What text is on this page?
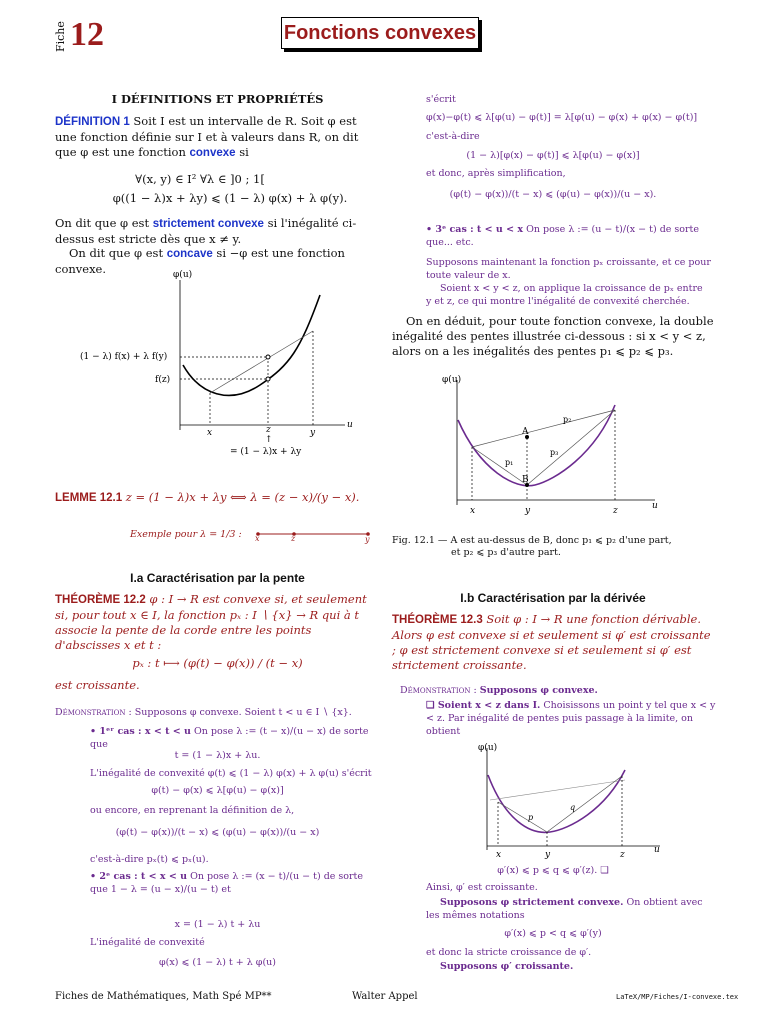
Fiche 12	Fonctions convexes
I DÉFINITIONS ET PROPRIÉTÉS
DÉFINITION 1 Soit I est un intervalle de R. Soit φ est une fonction définie sur I et à valeurs dans R, on dit que φ est une fonction convexe si
∀(x, y) ∈ I² ∀λ ∈ ]0 ; 1[
φ((1 − λ)x + λy) ⩽ (1 − λ) φ(x) + λ φ(y).
On dit que φ est strictement convexe si l'inégalité ci-dessus est stricte dès que x ≠ y.
On dit que φ est concave si −φ est une fonction convexe.	φ(u)
u
(1 − λ) f(x) + λ f(y)
f(z)
x	z	y
↑
= (1 − λ)x + λy
LEMME 12.1 z = (1 − λ)x + λy ⟺ λ = (z − x)/(y − x).
Exemple pour λ = 1/3 :	x	z	y
I.a Caractérisation par la pente
THÉORÈME 12.2 φ : I → R est convexe si, et seulement si, pour tout x ∈ I, la fonction pₓ : I ∖ {x} → R qui à t associe la pente de la corde entre les points d'abscisses x et t :
pₓ : t ⟼ (φ(t) − φ(x)) / (t − x)
est croissante.
Démonstration : Supposons φ convexe. Soient t < u ∈ I ∖ {x}.
• 1ᵉʳ cas : x < t < u On pose λ := (t − x)/(u − x) de sorte que
t = (1 − λ)x + λu.
L'inégalité de convexité φ(t) ⩽ (1 − λ) φ(x) + λ φ(u) s'écrit
φ(t) − φ(x) ⩽ λ[φ(u) − φ(x)]
ou encore, en reprenant la définition de λ,
(φ(t) − φ(x))/(t − x) ⩽ (φ(u) − φ(x))/(u − x)
c'est-à-dire pₓ(t) ⩽ pₓ(u).
• 2ᵉ cas : t < x < u On pose λ := (x − t)/(u − t) de sorte que 1 − λ = (u − x)/(u − t) et
x = (1 − λ) t + λu
L'inégalité de convexité
φ(x) ⩽ (1 − λ) t + λ φ(u)
s'écrit
φ(x)−φ(t) ⩽ λ[φ(u) − φ(t)] = λ[φ(u) − φ(x) + φ(x) − φ(t)]
c'est-à-dire
(1 − λ)[φ(x) − φ(t)] ⩽ λ[φ(u) − φ(x)]
et donc, après simplification,
(φ(t) − φ(x))/(t − x) ⩽ (φ(u) − φ(x))/(u − x).
• 3ᵉ cas : t < u < x On pose λ := (u − t)/(x − t) de sorte que... etc.
Supposons maintenant la fonction pₓ croissante, et ce pour toute valeur de x.
Soient x < y < z, on applique la croissance de pₓ entre y et z, ce qui montre l'inégalité de convexité cherchée.
On en déduit, pour toute fonction convexe, la double inégalité des pentes illustrée ci-dessous : si x < y < z, alors on a les inégalités des pentes p₁ ⩽ p₂ ⩽ p₃.
φ(u)
u
A
B
p₂
p₁
p₃
x	y	z
Fig. 12.1 — A est au-dessus de B, donc p₁ ⩽ p₂ d'une part,
et p₂ ⩽ p₃ d'autre part.
I.b Caractérisation par la dérivée
THÉORÈME 12.3 Soit φ : I → R une fonction dérivable. Alors φ est convexe si et seulement si φ′ est croissante ; φ est strictement convexe si et seulement si φ′ est strictement croissante.
Démonstration : Supposons φ convexe.
❑ Soient x < z dans I. Choisissons un point y tel que x < y < z. Par inégalité de pentes puis passage à la limite, on obtient
φ(u)
u
p
q
x	y	z
φ′(x) ⩽ p ⩽ q ⩽ φ′(z). ❑
Ainsi, φ′ est croissante.
Supposons φ strictement convexe. On obtient avec les mêmes notations
φ′(x) ⩽ p < q ⩽ φ′(y)
et donc la stricte croissance de φ′.
Supposons φ′ croissante.
Fiches de Mathématiques, Math Spé MP**	Walter Appel	LaTeX/MP/Fiches/I-convexe.tex
